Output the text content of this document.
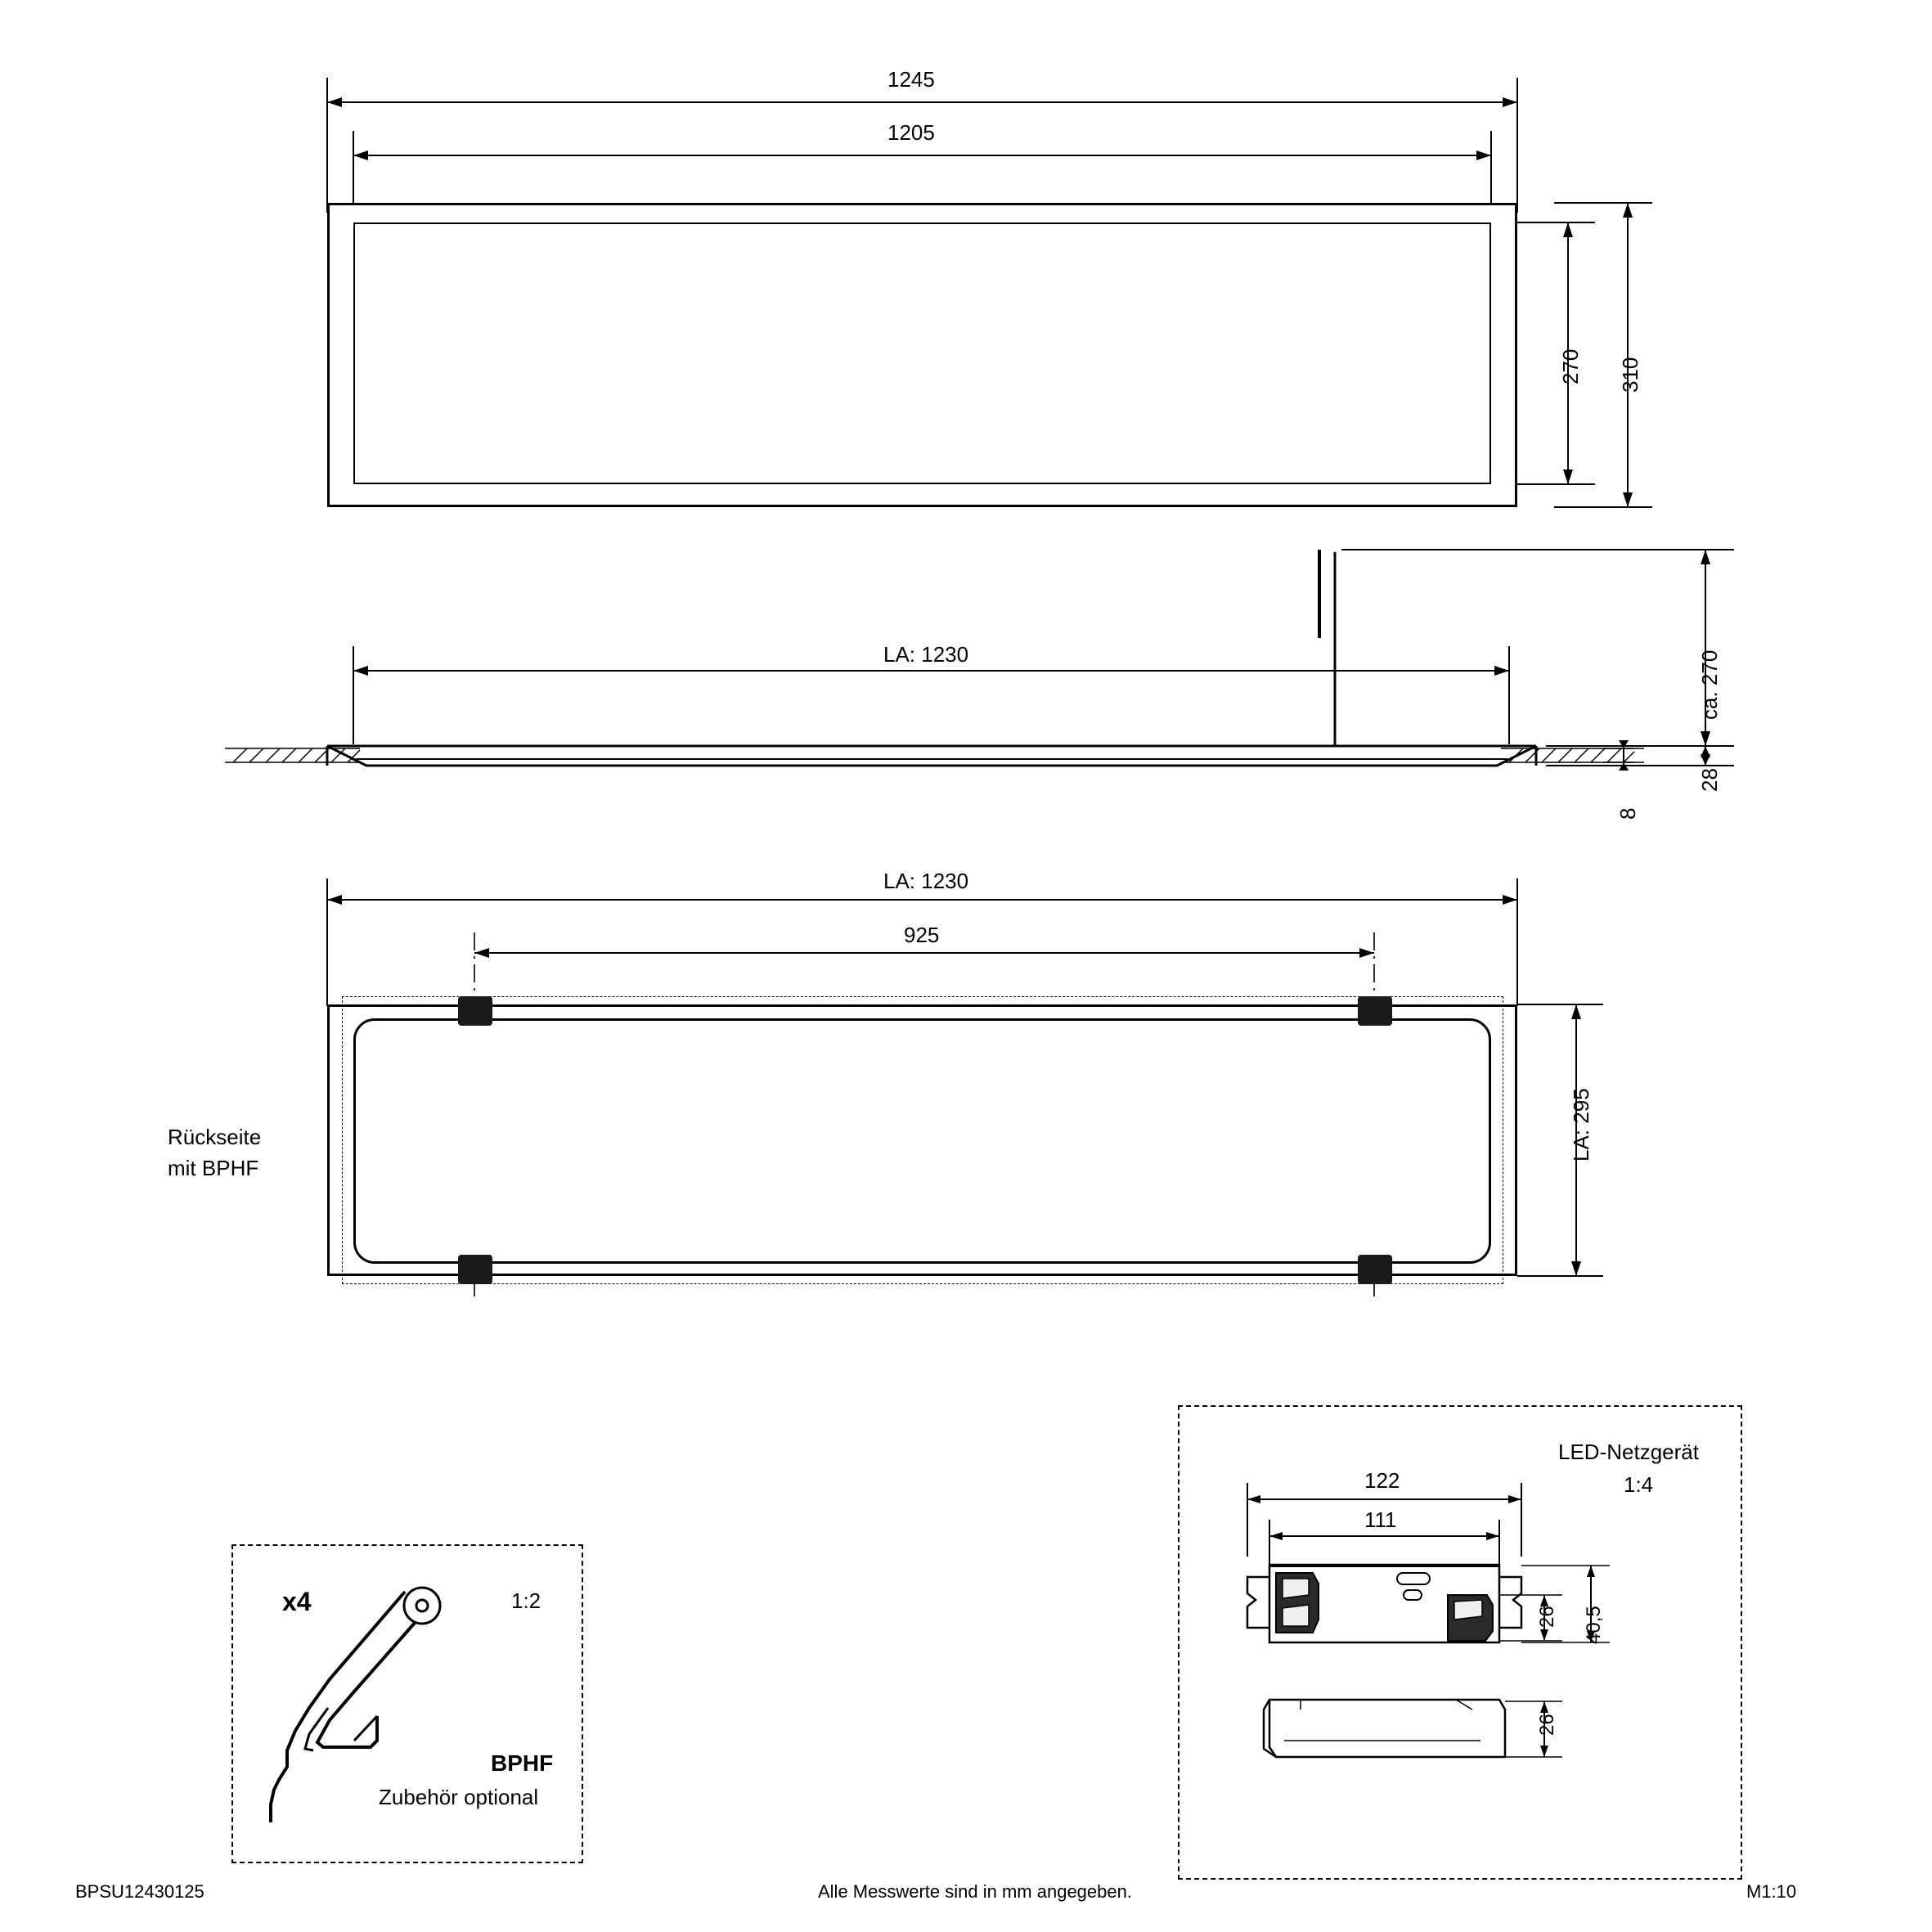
1245
1205
270 310
LA: 1230	ca. 270
28
8
LA: 1230
925
LA: 295
Rückseite
mit BPHF
x4	1:2
BPHF
Zubehör optional
LED-Netzgerät
1:4
122
111
26 40,5
26
BPSU12430125	Alle Messwerte sind in mm angegeben.	M1:10
